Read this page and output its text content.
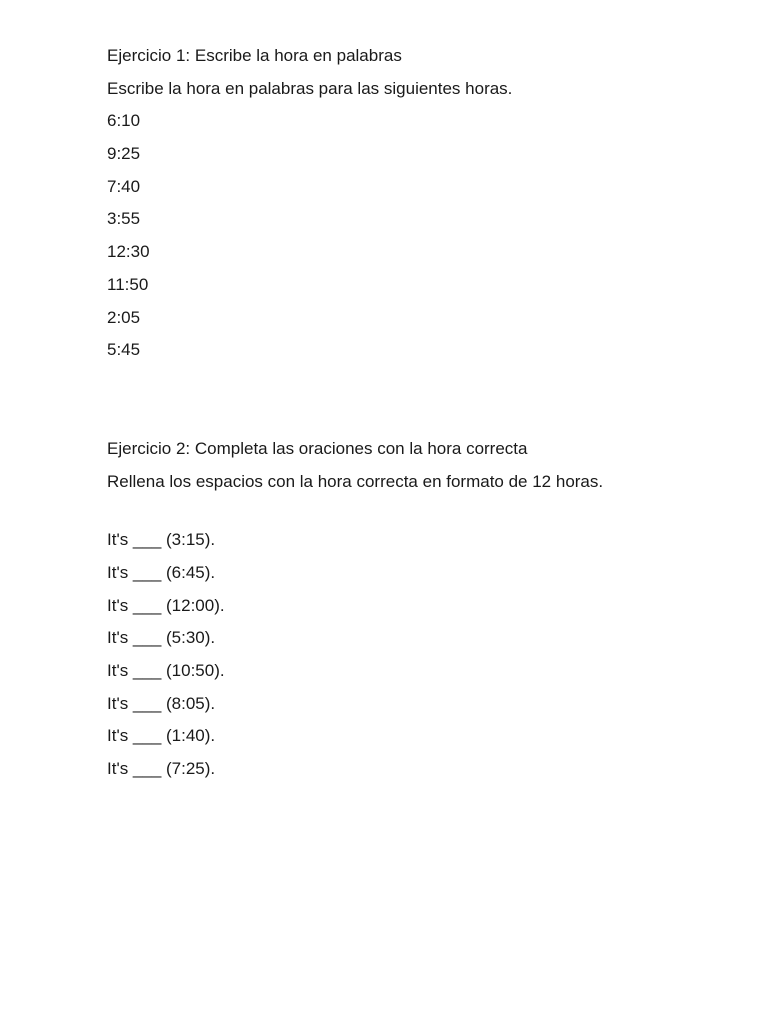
Ejercicio 1: Escribe la hora en palabras

Escribe la hora en palabras para las siguientes horas.

6:10

9:25

7:40

3:55

12:30

11:50

2:05

5:45

Ejercicio 2: Completa las oraciones con la hora correcta

Rellena los espacios con la hora correcta en formato de 12 horas.

It's ___ (3:15).

It's ___ (6:45).

It's ___ (12:00).

It's ___ (5:30).

It's ___ (10:50).

It's ___ (8:05).

It's ___ (1:40).

It's ___ (7:25).
